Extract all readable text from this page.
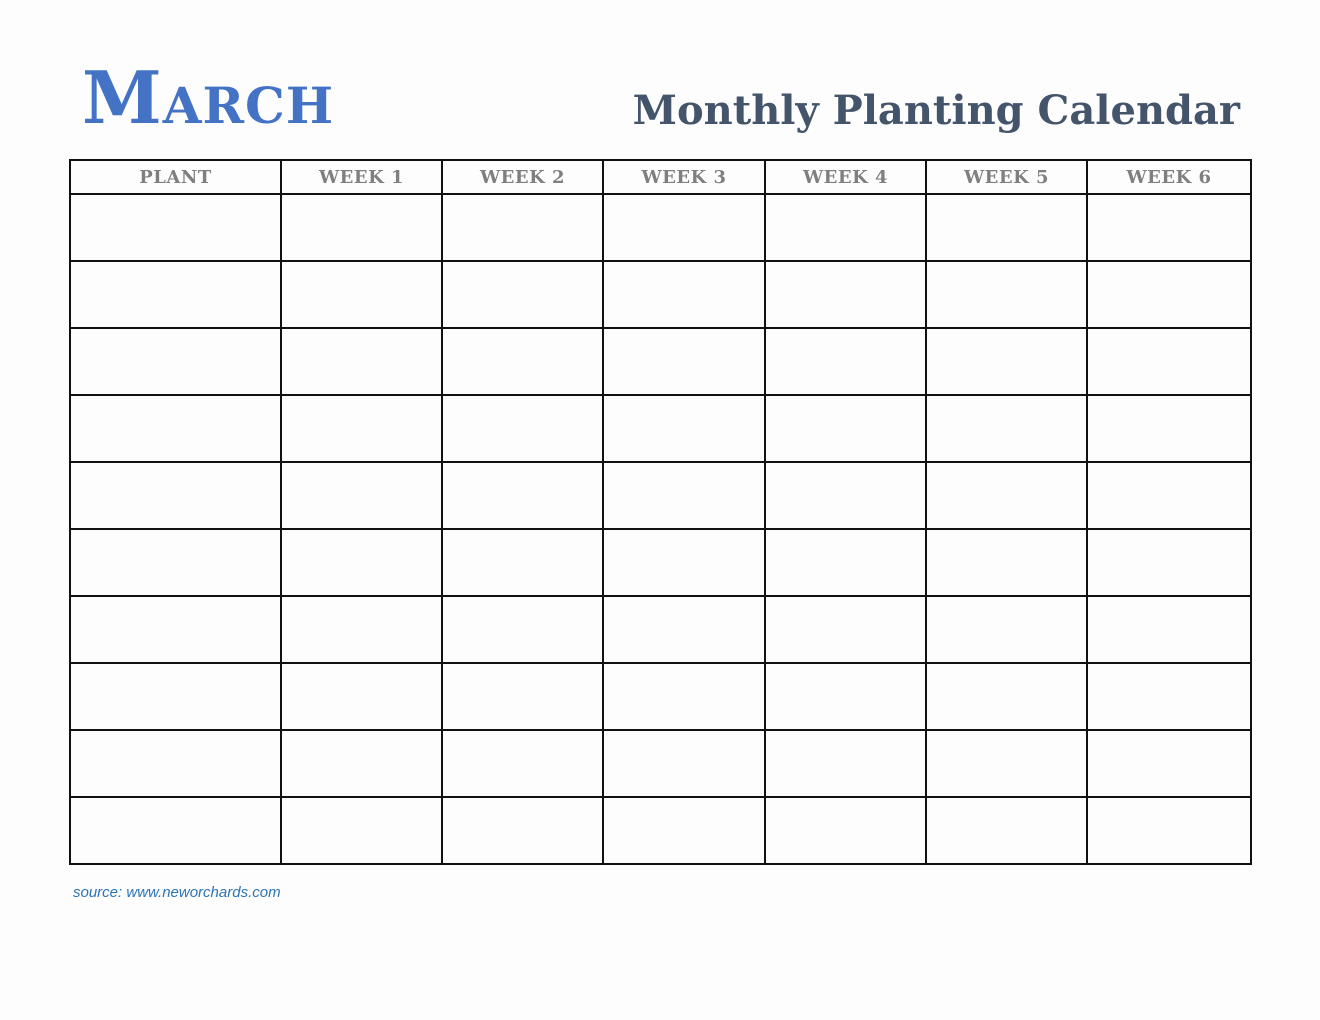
March	Monthly Planting Calendar
PLANT	WEEK 1	WEEK 2	WEEK 3	WEEK 4	WEEK 5	WEEK 6

source: www.neworchards.com
